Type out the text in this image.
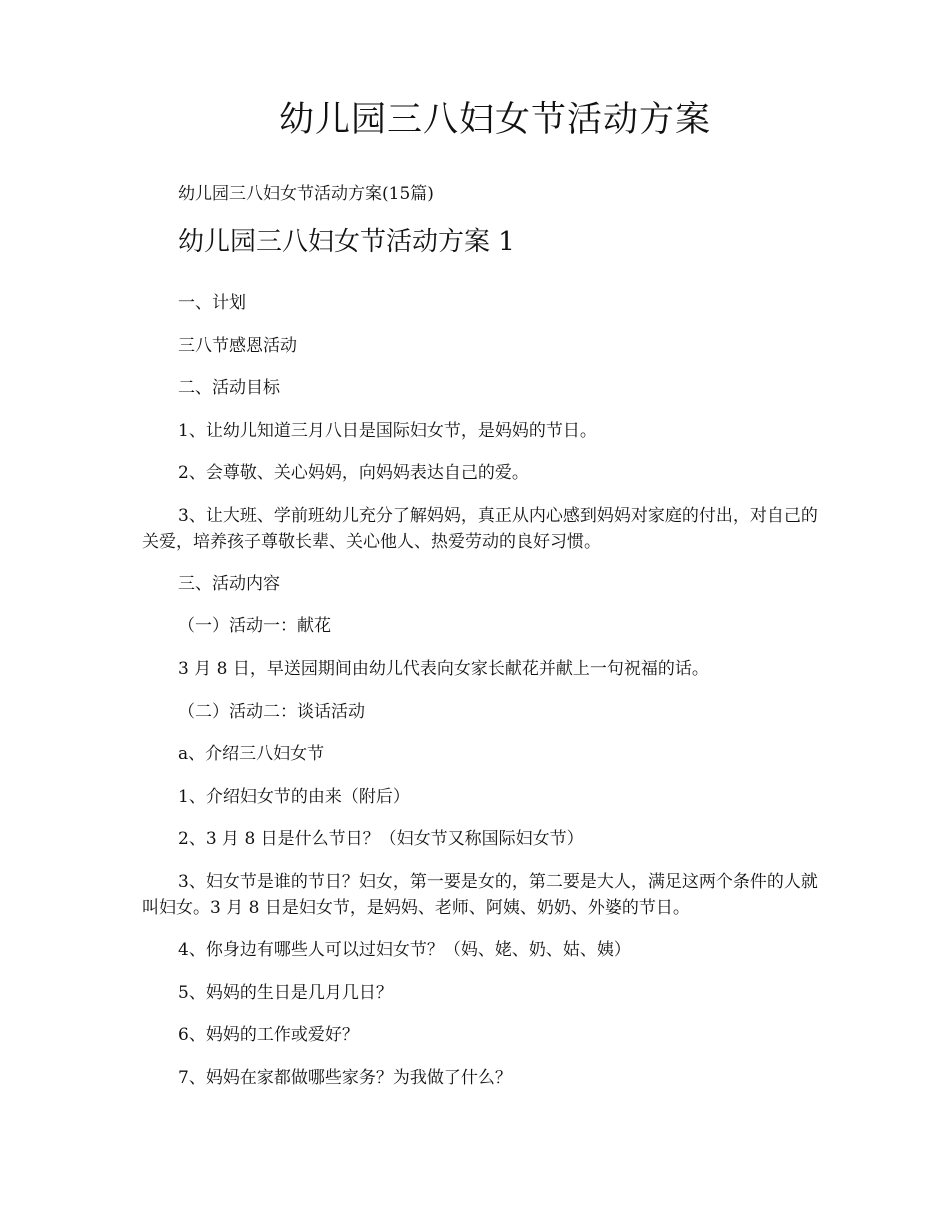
幼儿园三八妇女节活动方案
幼儿园三八妇女节活动方案(15篇)
幼儿园三八妇女节活动方案 1

一、计划

三八节感恩活动

二、活动目标

1、让幼儿知道三月八日是国际妇女节，是妈妈的节日。

2、会尊敬、关心妈妈，向妈妈表达自己的爱。

3、让大班、学前班幼儿充分了解妈妈，真正从内心感到妈妈对家庭的付出，对自己的关爱，培养孩子尊敬长辈、关心他人、热爱劳动的良好习惯。

三、活动内容

（一）活动一：献花

3 月 8 日，早送园期间由幼儿代表向女家长献花并献上一句祝福的话。

（二）活动二：谈话活动

a、介绍三八妇女节

1、介绍妇女节的由来（附后）

2、3 月 8 日是什么节日？（妇女节又称国际妇女节）

3、妇女节是谁的节日？妇女，第一要是女的，第二要是大人，满足这两个条件的人就叫妇女。3 月 8 日是妇女节，是妈妈、老师、阿姨、奶奶、外婆的节日。

4、你身边有哪些人可以过妇女节？（妈、姥、奶、姑、姨）

5、妈妈的生日是几月几日？

6、妈妈的工作或爱好？

7、妈妈在家都做哪些家务？为我做了什么？
